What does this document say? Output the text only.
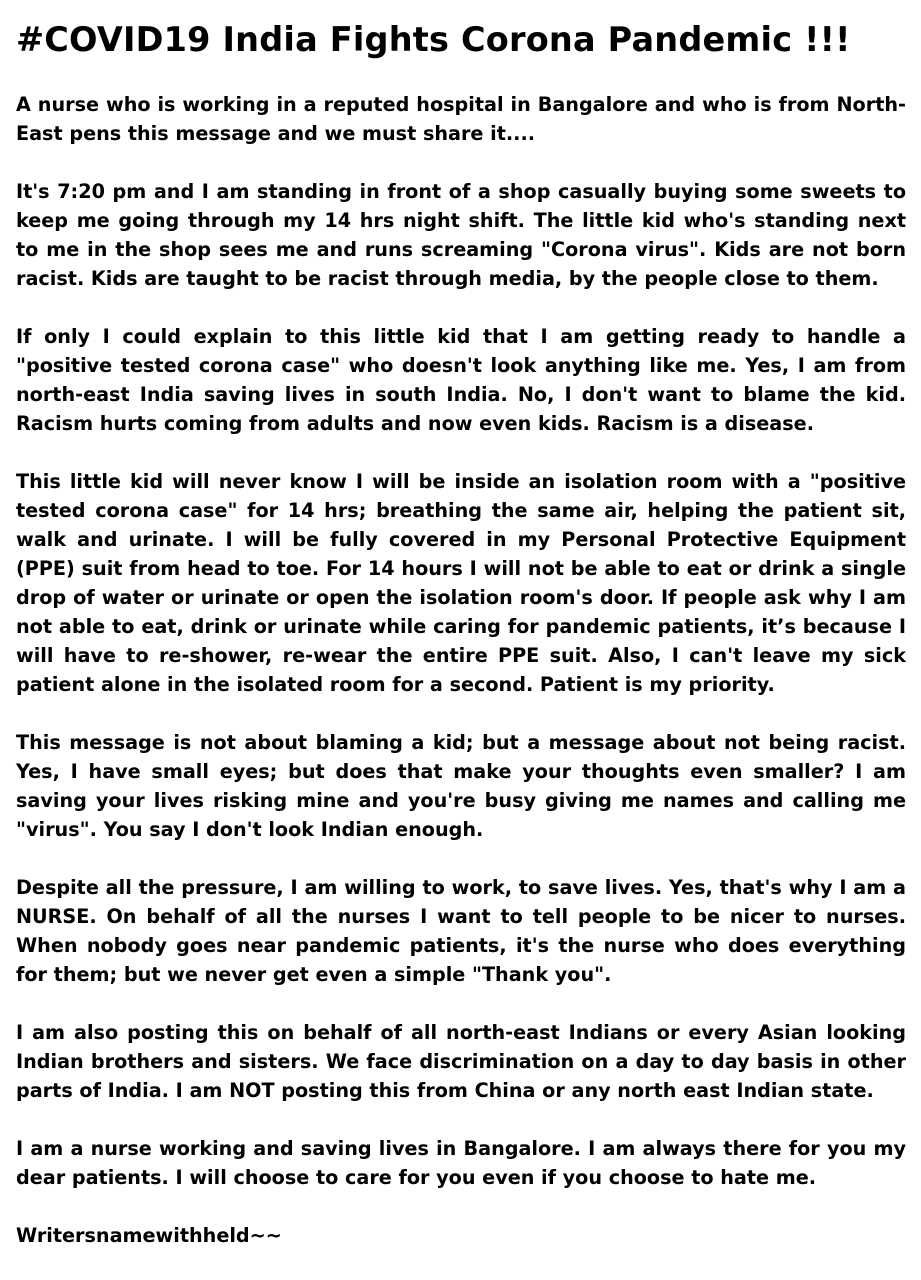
#COVID19 India Fights Corona Pandemic !!!

A nurse who is working in a reputed hospital in Bangalore and who is from North-East pens this message and we must share it....

It's 7:20 pm and I am standing in front of a shop casually buying some sweets to keep me going through my 14 hrs night shift. The little kid who's standing next to me in the shop sees me and runs screaming "Corona virus". Kids are not born racist. Kids are taught to be racist through media, by the people close to them.

If only I could explain to this little kid that I am getting ready to handle a "positive tested corona case" who doesn't look anything like me. Yes, I am from north-east India saving lives in south India. No, I don't want to blame the kid. Racism hurts coming from adults and now even kids. Racism is a disease.

This little kid will never know I will be inside an isolation room with a "positive tested corona case" for 14 hrs; breathing the same air, helping the patient sit, walk and urinate. I will be fully covered in my Personal Protective Equipment (PPE) suit from head to toe. For 14 hours I will not be able to eat or drink a single drop of water or urinate or open the isolation room's door. If people ask why I am not able to eat, drink or urinate while caring for pandemic patients, it’s because I will have to re-shower, re-wear the entire PPE suit. Also, I can't leave my sick patient alone in the isolated room for a second. Patient is my priority.

This message is not about blaming a kid; but a message about not being racist. Yes, I have small eyes; but does that make your thoughts even smaller? I am saving your lives risking mine and you're busy giving me names and calling me "virus". You say I don't look Indian enough.

Despite all the pressure, I am willing to work, to save lives. Yes, that's why I am a NURSE. On behalf of all the nurses I want to tell people to be nicer to nurses. When nobody goes near pandemic patients, it's the nurse who does everything for them; but we never get even a simple "Thank you".

I am also posting this on behalf of all north-east Indians or every Asian looking Indian brothers and sisters. We face discrimination on a day to day basis in other parts of India. I am NOT posting this from China or any north east Indian state.

I am a nurse working and saving lives in Bangalore. I am always there for you my dear patients. I will choose to care for you even if you choose to hate me.

Writersnamewithheld~~
